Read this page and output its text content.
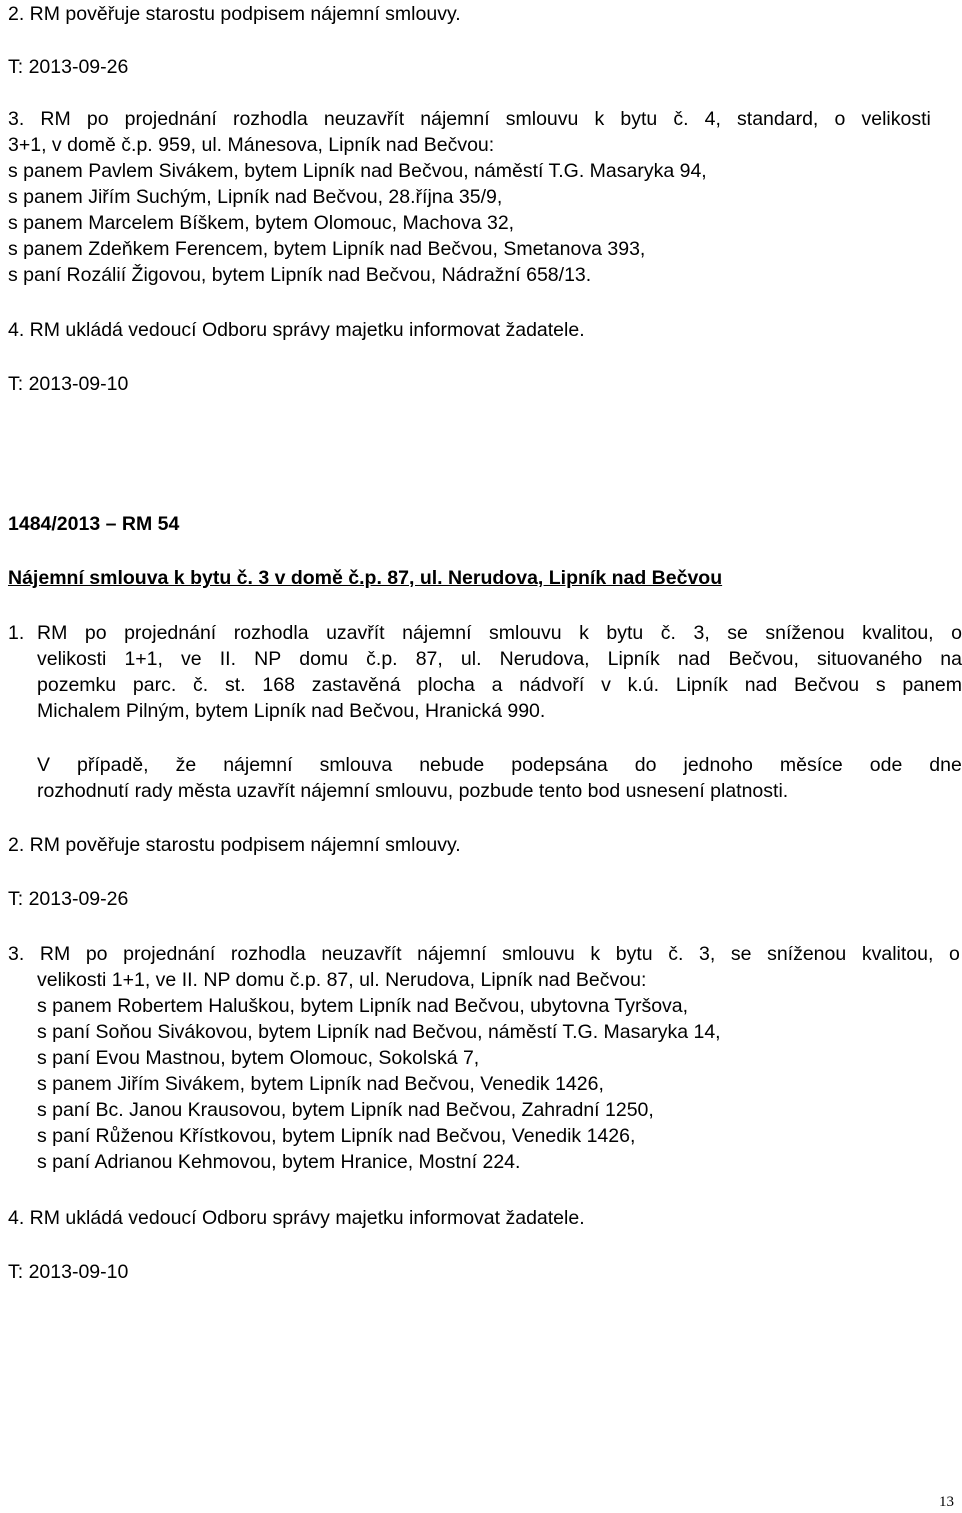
2. RM pověřuje starostu podpisem nájemní smlouvy.
T: 2013-09-26
3. RM po projednání rozhodla neuzavřít nájemní smlouvu k bytu č. 4, standard, o velikosti
3+1, v domě č.p. 959, ul. Mánesova, Lipník nad Bečvou:
s panem Pavlem Sivákem, bytem Lipník nad Bečvou, náměstí T.G. Masaryka 94,
s panem Jiřím Suchým, Lipník nad Bečvou, 28.října 35/9,
s panem Marcelem Bíškem, bytem Olomouc, Machova 32,
s panem Zdeňkem Ferencem, bytem Lipník nad Bečvou, Smetanova 393,
s paní Rozálií Žigovou, bytem Lipník nad Bečvou, Nádražní 658/13.
4. RM ukládá vedoucí Odboru správy majetku informovat žadatele.
T: 2013-09-10
1484/2013 – RM 54
Nájemní smlouva k bytu č. 3 v domě č.p. 87, ul. Nerudova, Lipník nad Bečvou
1. RM po projednání rozhodla uzavřít nájemní smlouvu k bytu č. 3, se sníženou kvalitou, o
velikosti 1+1, ve II. NP domu č.p. 87, ul. Nerudova, Lipník nad Bečvou, situovaného na
pozemku parc. č. st. 168 zastavěná plocha a nádvoří v k.ú. Lipník nad Bečvou s panem
Michalem Pilným, bytem Lipník nad Bečvou, Hranická 990.
V případě, že nájemní smlouva nebude podepsána do jednoho měsíce ode dne
rozhodnutí rady města uzavřít nájemní smlouvu, pozbude tento bod usnesení platnosti.
2. RM pověřuje starostu podpisem nájemní smlouvy.
T: 2013-09-26
3. RM po projednání rozhodla neuzavřít nájemní smlouvu k bytu č. 3, se sníženou kvalitou, o
velikosti 1+1, ve II. NP domu č.p. 87, ul. Nerudova, Lipník nad Bečvou:
s panem Robertem Haluškou, bytem Lipník nad Bečvou, ubytovna Tyršova,
s paní Soňou Sivákovou, bytem Lipník nad Bečvou, náměstí T.G. Masaryka 14,
s paní Evou Mastnou, bytem Olomouc, Sokolská 7,
s panem Jiřím Sivákem, bytem Lipník nad Bečvou, Venedik 1426,
s paní Bc. Janou Krausovou, bytem Lipník nad Bečvou, Zahradní 1250,
s paní Růženou Křístkovou, bytem Lipník nad Bečvou, Venedik 1426,
s paní Adrianou Kehmovou, bytem Hranice, Mostní 224.
4. RM ukládá vedoucí Odboru správy majetku informovat žadatele.
T: 2013-09-10
13
